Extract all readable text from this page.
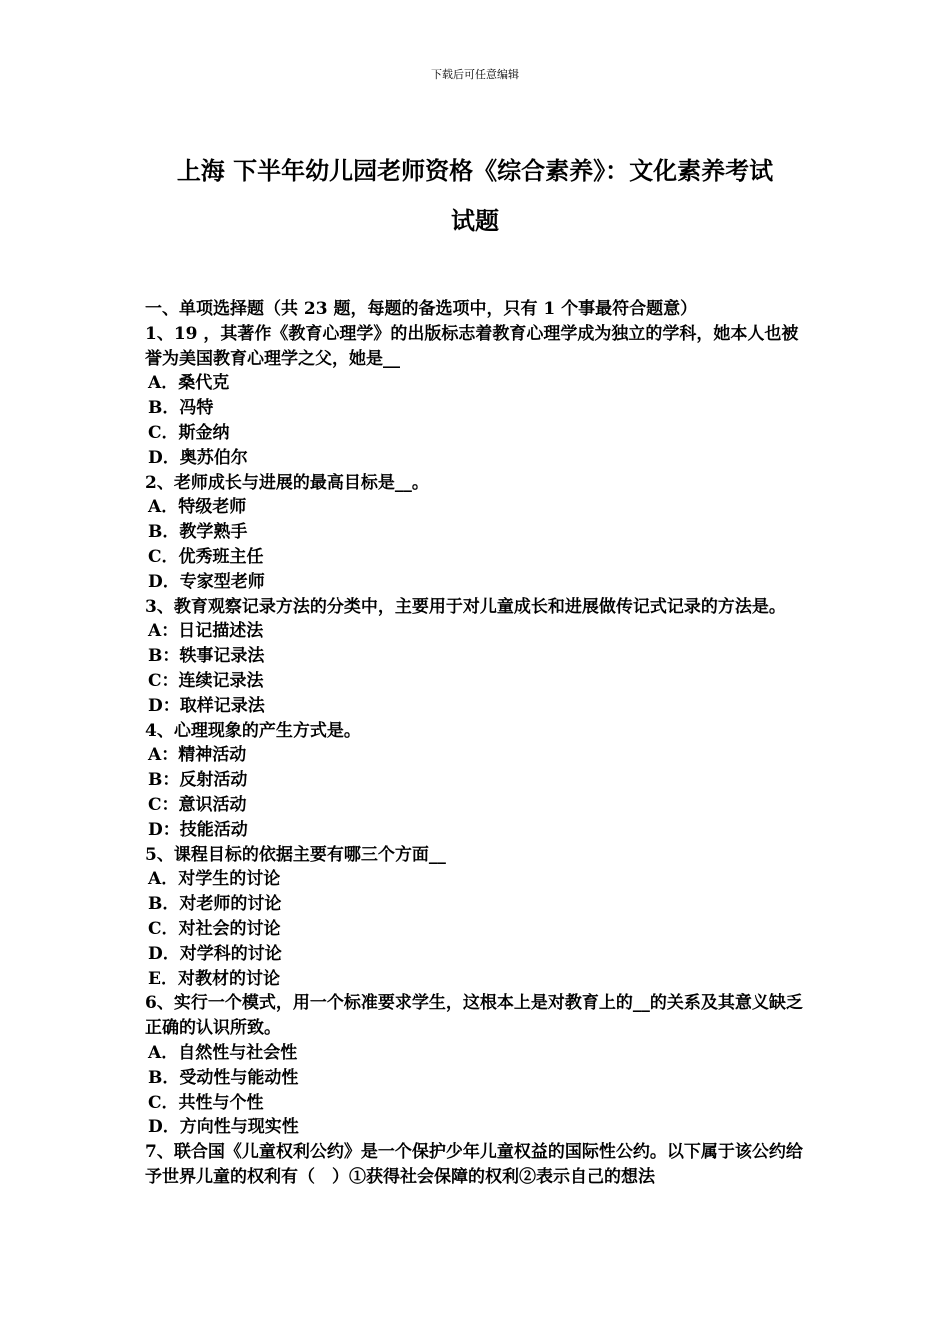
下载后可任意编辑
上海 下半年幼儿园老师资格《综合素养》：文化素养考试
试题
一、单项选择题（共 23 题，每题的备选项中，只有 1 个事最符合题意）
1、19 ，其著作《教育心理学》的出版标志着教育心理学成为独立的学科，她本人也被誉为美国教育心理学之父，她是__
A．桑代克
B．冯特
C．斯金纳
D．奥苏伯尔
2、老师成长与进展的最高目标是__。
A．特级老师
B．教学熟手
C．优秀班主任
D．专家型老师
3、教育观察记录方法的分类中，主要用于对儿童成长和进展做传记式记录的方法是。
A：日记描述法
B：轶事记录法
C：连续记录法
D：取样记录法
4、心理现象的产生方式是。
A：精神活动
B：反射活动
C：意识活动
D：技能活动
5、课程目标的依据主要有哪三个方面__
A．对学生的讨论
B．对老师的讨论
C．对社会的讨论
D．对学科的讨论
E．对教材的讨论
6、实行一个模式，用一个标准要求学生，这根本上是对教育上的__的关系及其意义缺乏正确的认识所致。
A．自然性与社会性
B．受动性与能动性
C．共性与个性
D．方向性与现实性
7、联合国《儿童权利公约》是一个保护少年儿童权益的国际性公约。以下属于该公约给予世界儿童的权利有（　）①获得社会保障的权利②表示自己的想法
